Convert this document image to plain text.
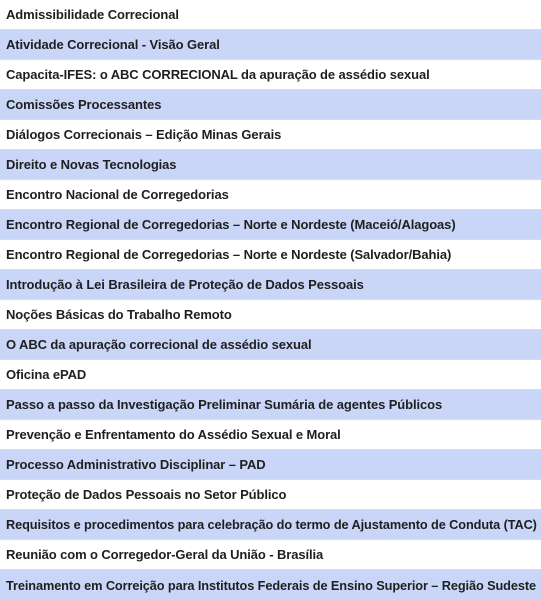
Admissibilidade Correcional
Atividade Correcional - Visão Geral
Capacita-IFES: o ABC CORRECIONAL da apuração de assédio sexual
Comissões Processantes
Diálogos Correcionais – Edição Minas Gerais
Direito e Novas Tecnologias
Encontro Nacional de Corregedorias
Encontro Regional de Corregedorias – Norte e Nordeste (Maceió/Alagoas)
Encontro Regional de Corregedorias – Norte e Nordeste (Salvador/Bahia)
Introdução à Lei Brasileira de Proteção de Dados Pessoais
Noções Básicas do Trabalho Remoto
O ABC da apuração correcional de assédio sexual
Oficina ePAD
Passo a passo da Investigação Preliminar Sumária de agentes Públicos
Prevenção e Enfrentamento do Assédio Sexual e Moral
Processo Administrativo Disciplinar – PAD
Proteção de Dados Pessoais no Setor Público
Requisitos e procedimentos para celebração do termo de Ajustamento de Conduta (TAC)
Reunião com o Corregedor-Geral da União - Brasília
Treinamento em Correição para Institutos Federais de Ensino Superior – Região Sudeste
